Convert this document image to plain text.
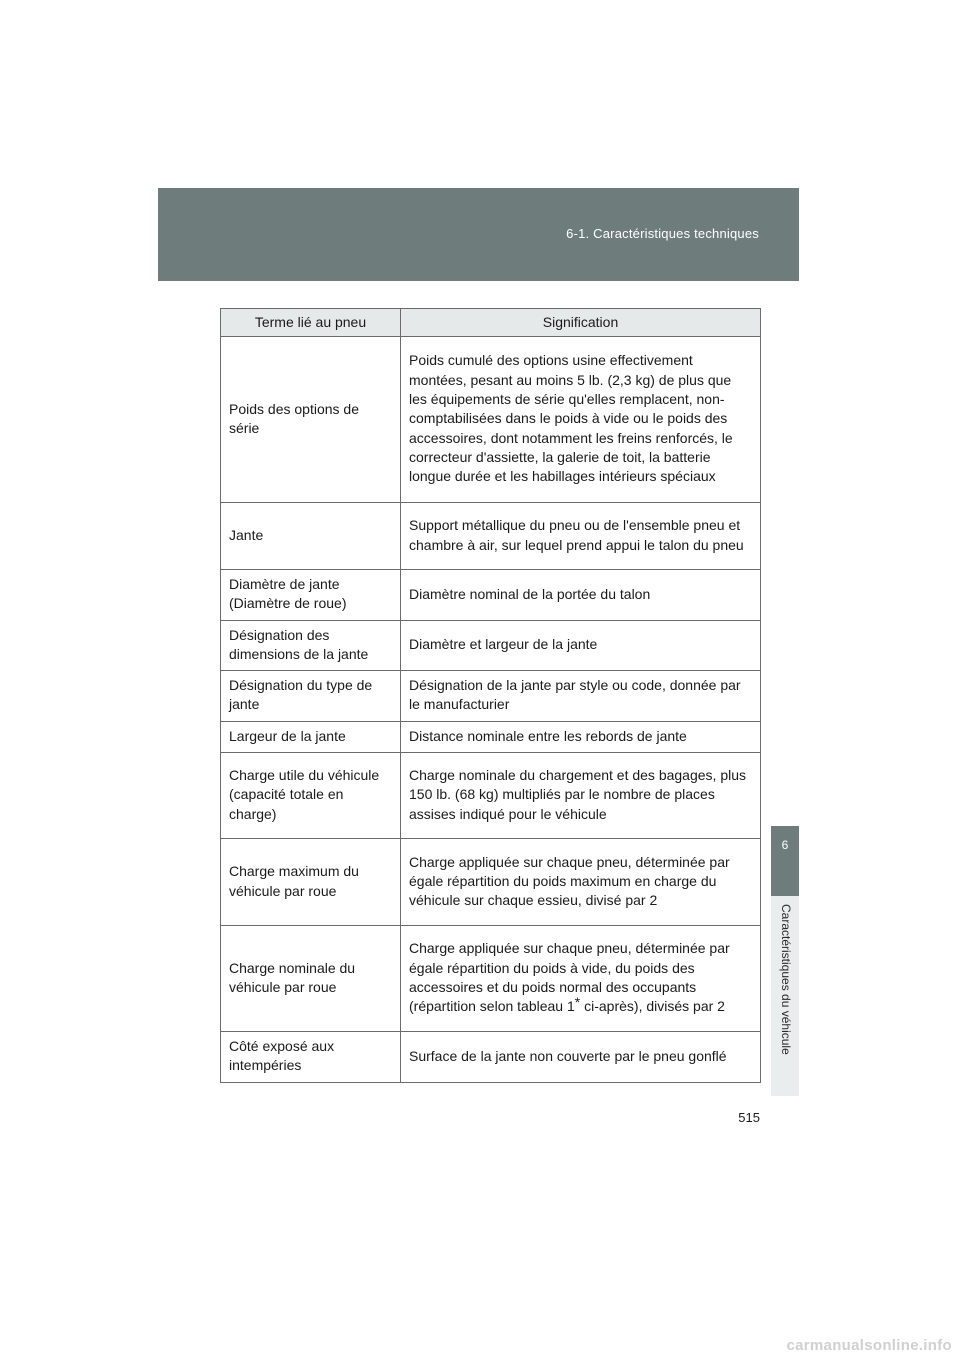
6-1. Caractéristiques techniques
6
Caractéristiques du véhicule
Terme lié au pneu	Signification
Poids des options de série	Poids cumulé des options usine effectivement montées, pesant au moins 5 lb. (2,3 kg) de plus que les équipements de série qu'elles remplacent, non-comptabilisées dans le poids à vide ou le poids des accessoires, dont notamment les freins renforcés, le correcteur d'assiette, la galerie de toit, la batterie longue durée et les habillages intérieurs spéciaux
Jante	Support métallique du pneu ou de l'ensemble pneu et chambre à air, sur lequel prend appui le talon du pneu
Diamètre de jante (Diamètre de roue)	Diamètre nominal de la portée du talon
Désignation des dimensions de la jante	Diamètre et largeur de la jante
Désignation du type de jante	Désignation de la jante par style ou code, donnée par le manufacturier
Largeur de la jante	Distance nominale entre les rebords de jante
Charge utile du véhicule (capacité totale en charge)	Charge nominale du chargement et des bagages, plus 150 lb. (68 kg) multipliés par le nombre de places assises indiqué pour le véhicule
Charge maximum du véhicule par roue	Charge appliquée sur chaque pneu, déterminée par égale répartition du poids maximum en charge du véhicule sur chaque essieu, divisé par 2
Charge nominale du véhicule par roue	Charge appliquée sur chaque pneu, déterminée par égale répartition du poids à vide, du poids des accessoires et du poids normal des occupants (répartition selon tableau 1* ci-après), divisés par 2
Côté exposé aux intempéries	Surface de la jante non couverte par le pneu gonflé
515
carmanualsonline.info
